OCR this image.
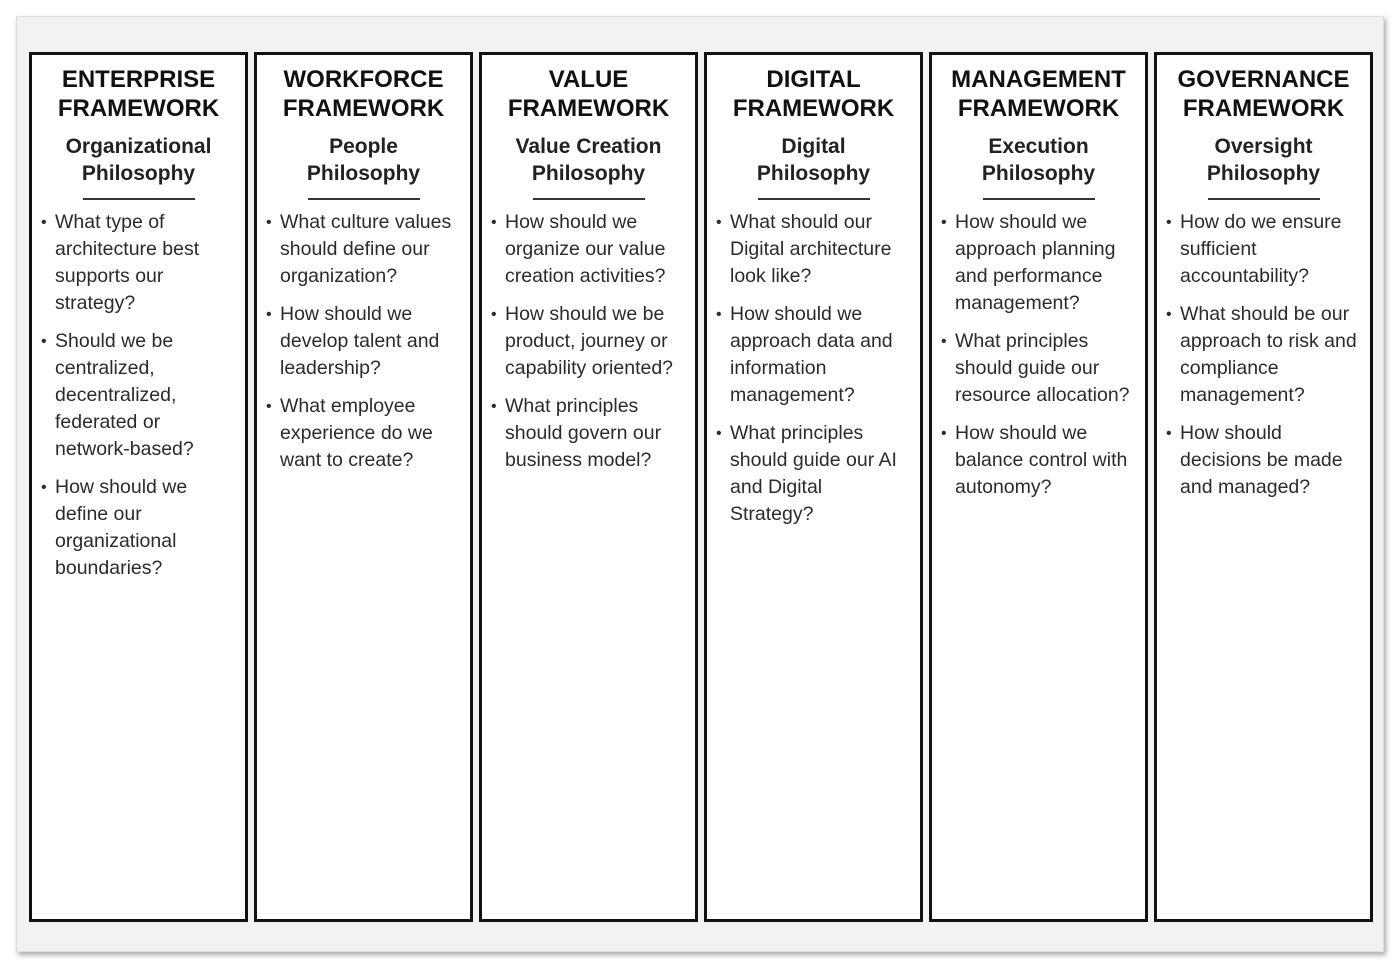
ENTERPRISE
FRAMEWORK
Organizational
Philosophy
• What type of architecture best supports our strategy?
• Should we be centralized, decentralized, federated or network-based?
• How should we define our organizational boundaries?
WORKFORCE
FRAMEWORK
People
Philosophy
• What culture values should define our organization?
• How should we develop talent and leadership?
• What employee experience do we want to create?
VALUE
FRAMEWORK
Value Creation
Philosophy
• How should we organize our value creation activities?
• How should we be product, journey or capability oriented?
• What principles should govern our business model?
DIGITAL
FRAMEWORK
Digital
Philosophy
• What should our Digital architecture look like?
• How should we approach data and information management?
• What principles should guide our AI and Digital Strategy?
MANAGEMENT
FRAMEWORK
Execution
Philosophy
• How should we approach planning and performance management?
• What principles should guide our resource allocation?
• How should we balance control with autonomy?
GOVERNANCE
FRAMEWORK
Oversight
Philosophy
• How do we ensure sufficient accountability?
• What should be our approach to risk and compliance management?
• How should decisions be made and managed?
